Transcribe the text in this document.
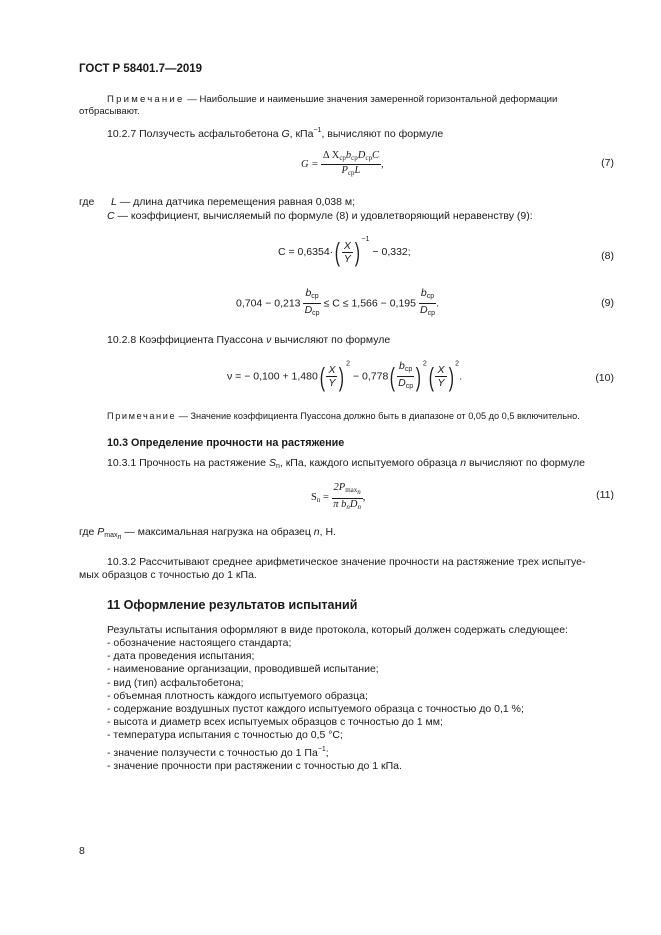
ГОСТ Р 58401.7—2019
Примечание — Наибольшие и наименьшие значения замеренной горизонтальной деформации
отбрасывают.
10.2.7 Ползучесть асфальтобетона G, кПа$^{-1}$, вычисляют по формуле
G =
Δ $X_{ср}b_{ср}D_{ср}C$
$P_{ср}L$
,	(7)
где L — длина датчика перемещения равная 0,038 м;
C — коэффициент, вычисляемый по формуле (8) и удовлетворяющий неравенству (9):
$C = 0,6354\cdot( \frac{X}{Y}$ ) $^{-1}$ − 0,332;	(8)
0,704 − 0,213
$b_{ср}$
$D_{ср}$
≤ C ≤ 1,566 − 0,195
$b_{ср}$
$D_{ср}$
.	(9)
10.2.8 Коэффициента Пуассона ν вычисляют по формуле
ν = − $0,100 + 1,480( \frac{X}{Y}$ ) $^2$ − 0,778( $b_{ср}$
$D_{ср}$ ) $^2( \frac{X}{Y}$ ) $^2$.	(10)
Примечание — Значение коэффициента Пуассона должно быть в диапазоне от 0,05 до 0,5 включительно.
10.3 Определение прочности на растяжение
10.3.1 Прочность на растяжение $S_n$, кПа, каждого испытуемого образца n вычисляют по формуле
$S_n$ =
$2P_{max_n}$
π $b_nD_n$
,	(11)
где $P_{max_n}$ — максимальная нагрузка на образец n, Н.
10.3.2 Рассчитывают среднее арифметическое значение прочности на растяжение трех испытуе-
мых образцов с точностью до 1 кПа.
11 Оформление результатов испытаний
Результаты испытания оформляют в виде протокола, который должен содержать следующее:
- обозначение настоящего стандарта;
- дата проведения испытания;
- наименование организации, проводившей испытание;
- вид (тип) асфальтобетона;
- объемная плотность каждого испытуемого образца;
- содержание воздушных пустот каждого испытуемого образца с точностью до 0,1 %;
- высота и диаметр всех испытуемых образцов с точностью до 1 мм;
- температура испытания с точностью до 0,5 °C;
- значение ползучести с точностью до 1 $Па^{-1}$;
- значение прочности при растяжении с точностью до 1 кПа.
8
